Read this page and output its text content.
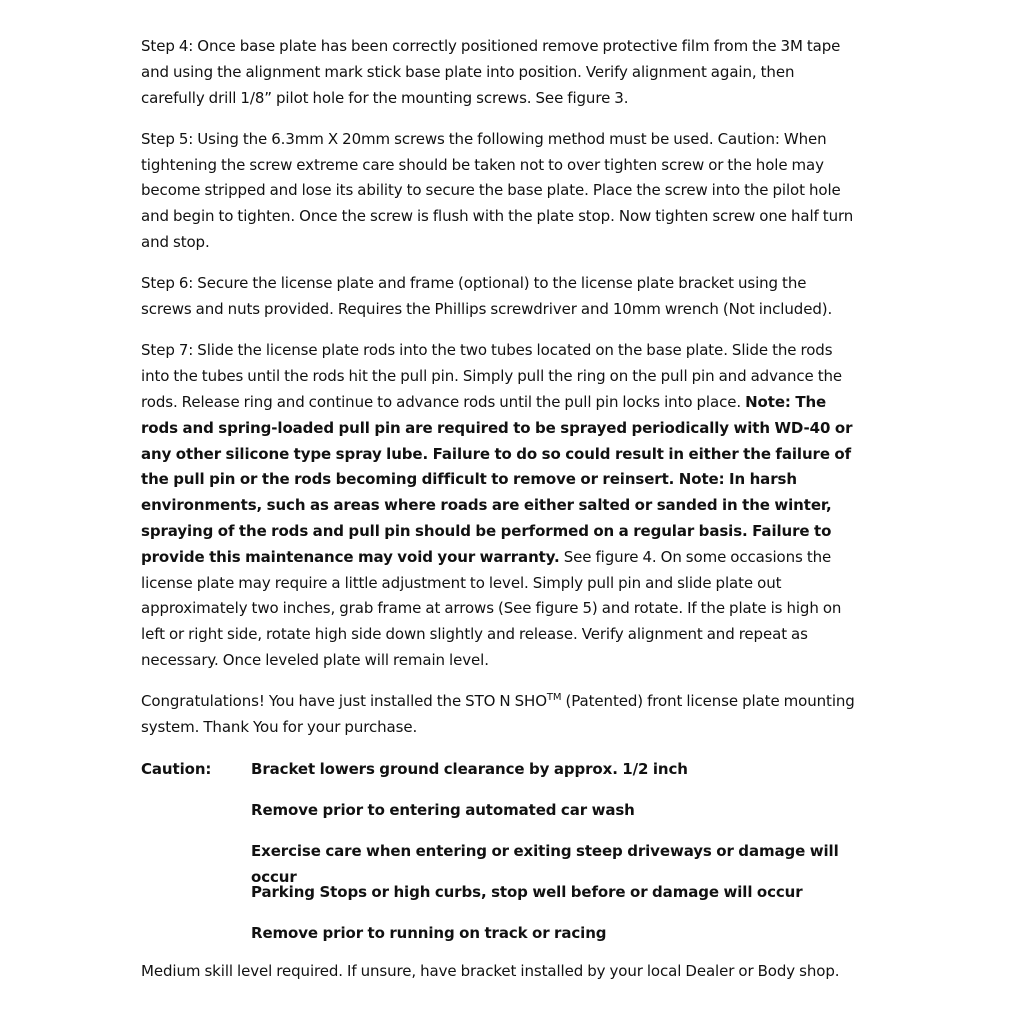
Step 4: Once base plate has been correctly positioned remove protective film from the 3M tape and using the alignment mark stick base plate into position. Verify alignment again, then carefully drill 1/8” pilot hole for the mounting screws. See figure 3.

Step 5: Using the 6.3mm X 20mm screws the following method must be used. Caution: When tightening the screw extreme care should be taken not to over tighten screw or the hole may become stripped and lose its ability to secure the base plate. Place the screw into the pilot hole and begin to tighten. Once the screw is flush with the plate stop. Now tighten screw one half turn and stop.

Step 6: Secure the license plate and frame (optional) to the license plate bracket using the screws and nuts provided. Requires the Phillips screwdriver and 10mm wrench (Not included).

Step 7: Slide the license plate rods into the two tubes located on the base plate. Slide the rods into the tubes until the rods hit the pull pin. Simply pull the ring on the pull pin and advance the rods. Release ring and continue to advance rods until the pull pin locks into place. Note: The rods and spring-loaded pull pin are required to be sprayed periodically with WD-40 or any other silicone type spray lube. Failure to do so could result in either the failure of the pull pin or the rods becoming difficult to remove or reinsert. Note: In harsh environments, such as areas where roads are either salted or sanded in the winter, spraying of the rods and pull pin should be performed on a regular basis. Failure to provide this maintenance may void your warranty. See figure 4. On some occasions the license plate may require a little adjustment to level. Simply pull pin and slide plate out approximately two inches, grab frame at arrows (See figure 5) and rotate. If the plate is high on left or right side, rotate high side down slightly and release. Verify alignment and repeat as necessary. Once leveled plate will remain level.

Congratulations! You have just installed the STO N SHO™ (Patented) front license plate mounting system. Thank You for your purchase.

Caution:	Bracket lowers ground clearance by approx. 1/2 inch
Remove prior to entering automated car wash
Exercise care when entering or exiting steep driveways or damage will occur
Parking Stops or high curbs, stop well before or damage will occur
Remove prior to running on track or racing

Medium skill level required. If unsure, have bracket installed by your local Dealer or Body shop.
